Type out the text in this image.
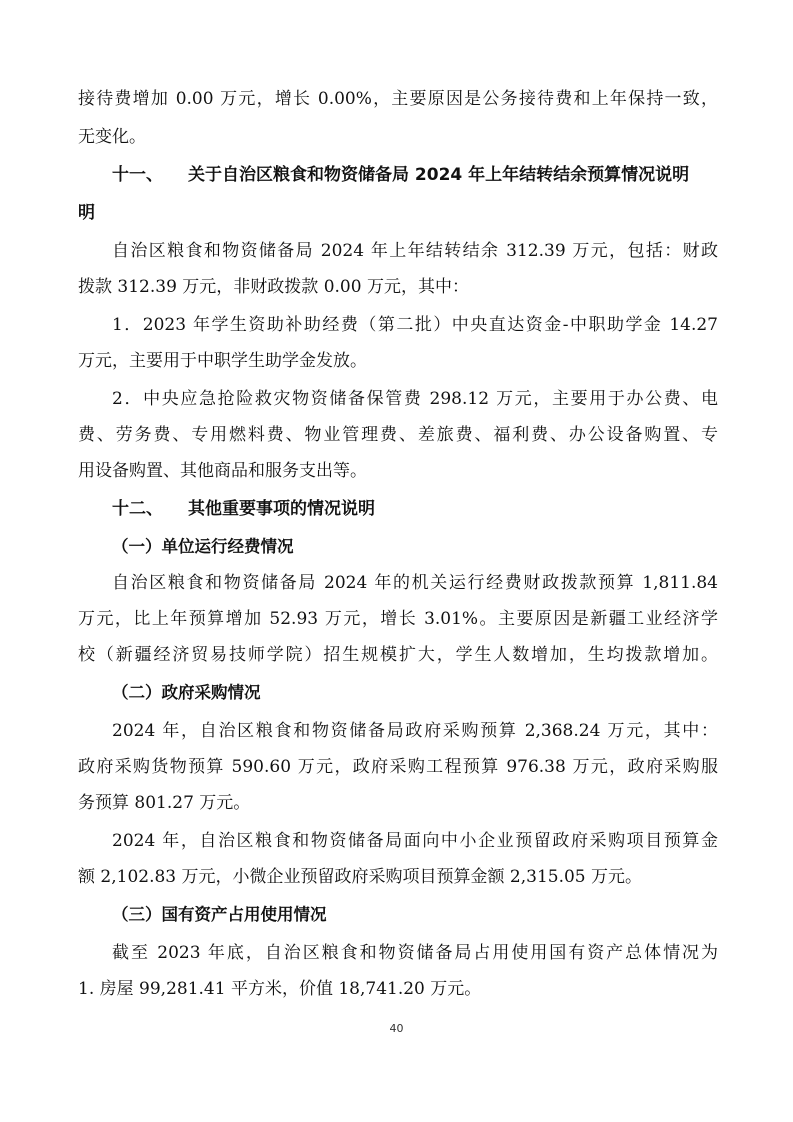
接待费增加 0.00 万元，增长 0.00%，主要原因是公务接待费和上年保持一致，
无变化。
十一、 关于自治区粮食和物资储备局 2024 年上年结转结余预算情况说明
明
自治区粮食和物资储备局 2024 年上年结转结余 312.39 万元，包括：财政
拨款 312.39 万元，非财政拨款 0.00 万元，其中：
1．2023 年学生资助补助经费（第二批）中央直达资金-中职助学金 14.27
万元，主要用于中职学生助学金发放。
2．中央应急抢险救灾物资储备保管费 298.12 万元，主要用于办公费、电
费、劳务费、专用燃料费、物业管理费、差旅费、福利费、办公设备购置、专
用设备购置、其他商品和服务支出等。
十二、 其他重要事项的情况说明
（一）单位运行经费情况
自治区粮食和物资储备局 2024 年的机关运行经费财政拨款预算 1,811.84
万元，比上年预算增加 52.93 万元，增长 3.01%。主要原因是新疆工业经济学
校（新疆经济贸易技师学院）招生规模扩大，学生人数增加，生均拨款增加。
（二）政府采购情况
2024 年，自治区粮食和物资储备局政府采购预算 2,368.24 万元，其中：
政府采购货物预算 590.60 万元，政府采购工程预算 976.38 万元，政府采购服
务预算 801.27 万元。
2024 年，自治区粮食和物资储备局面向中小企业预留政府采购项目预算金
额 2,102.83 万元，小微企业预留政府采购项目预算金额 2,315.05 万元。
（三）国有资产占用使用情况
截至 2023 年底，自治区粮食和物资储备局占用使用国有资产总体情况为
1. 房屋 99,281.41 平方米，价值 18,741.20 万元。
40
